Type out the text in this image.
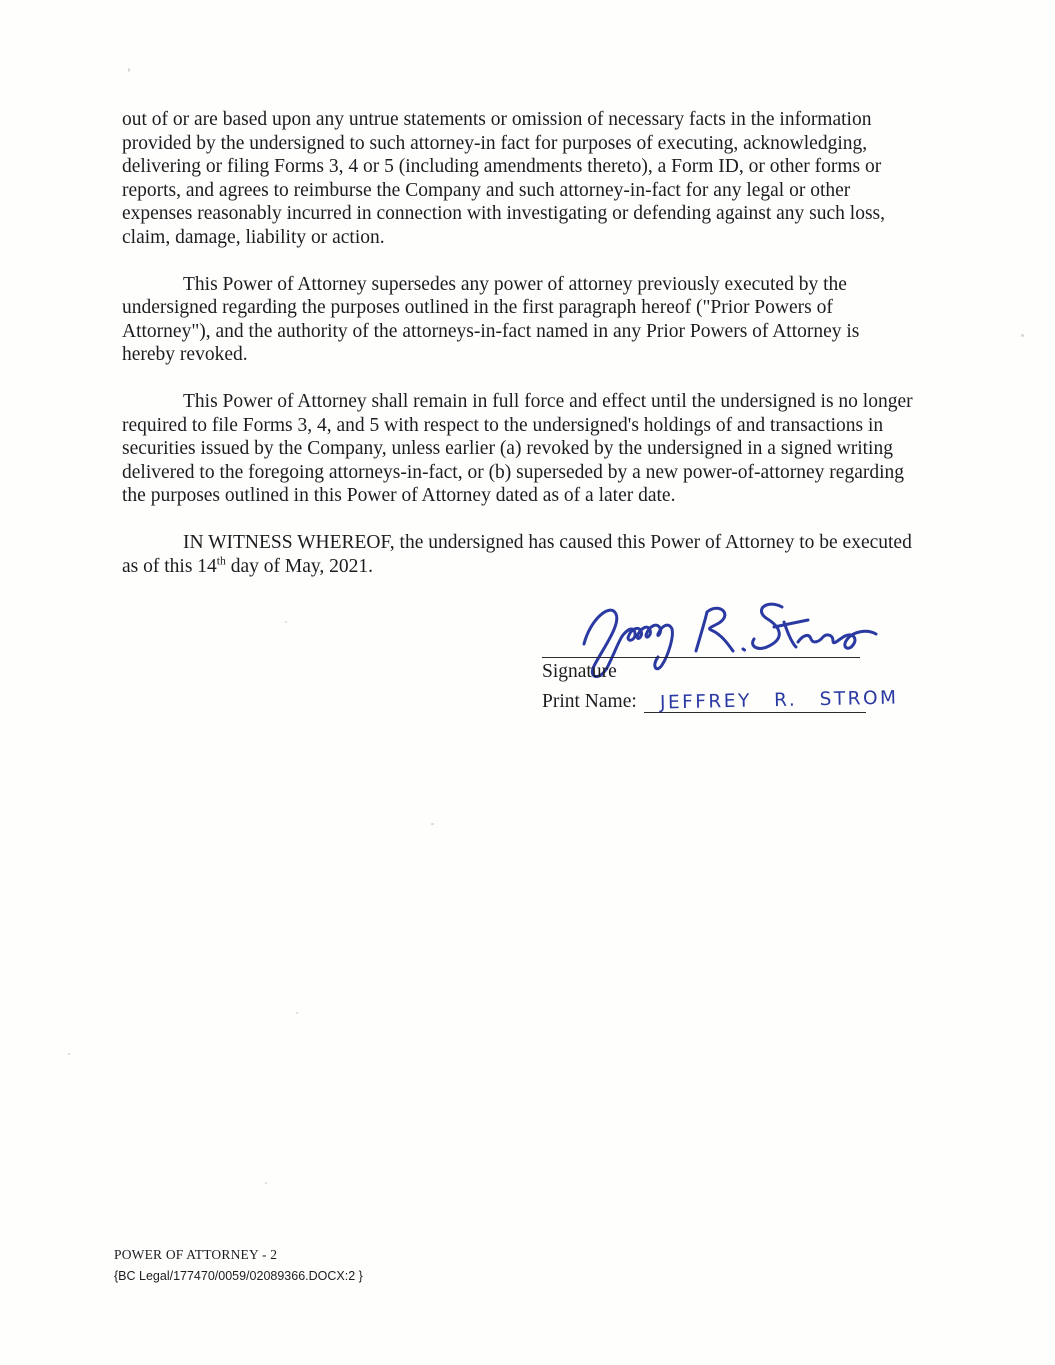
out of or are based upon any untrue statements or omission of necessary facts in the information provided by the undersigned to such attorney-in fact for purposes of executing, acknowledging, delivering or filing Forms 3, 4 or 5 (including amendments thereto), a Form ID, or other forms or reports, and agrees to reimburse the Company and such attorney-in-fact for any legal or other expenses reasonably incurred in connection with investigating or defending against any such loss, claim, damage, liability or action.

This Power of Attorney supersedes any power of attorney previously executed by the undersigned regarding the purposes outlined in the first paragraph hereof ("Prior Powers of Attorney"), and the authority of the attorneys-in-fact named in any Prior Powers of Attorney is hereby revoked.

This Power of Attorney shall remain in full force and effect until the undersigned is no longer required to file Forms 3, 4, and 5 with respect to the undersigned's holdings of and transactions in securities issued by the Company, unless earlier (a) revoked by the undersigned in a signed writing delivered to the foregoing attorneys-in-fact, or (b) superseded by a new power-of-attorney regarding the purposes outlined in this Power of Attorney dated as of a later date.

IN WITNESS WHEREOF, the undersigned has caused this Power of Attorney to be executed as of this 14th day of May, 2021.

Signature
Print Name: JEFFREY R. STROM
POWER OF ATTORNEY - 2
{BC Legal/177470/0059/02089366.DOCX:2 }
